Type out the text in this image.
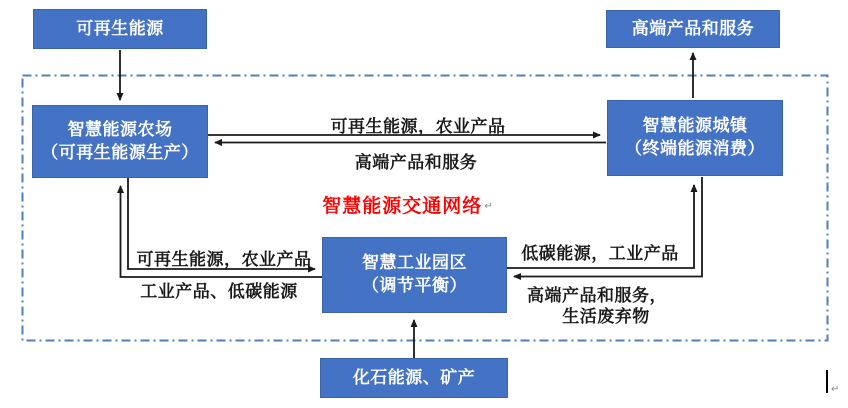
可再生能源	高端产品和服务
智慧能源农场
（可再生能源生产）
智慧能源城镇
（终端能源消费）
智慧工业园区
（调节平衡）
化石能源、矿产
可再生能源，农业产品
高端产品和服务
智慧能源交通网络 ↵
可再生能源，农业产品
工业产品、低碳能源
低碳能源，工业产品
高端产品和服务，
生活废弃物
↵
